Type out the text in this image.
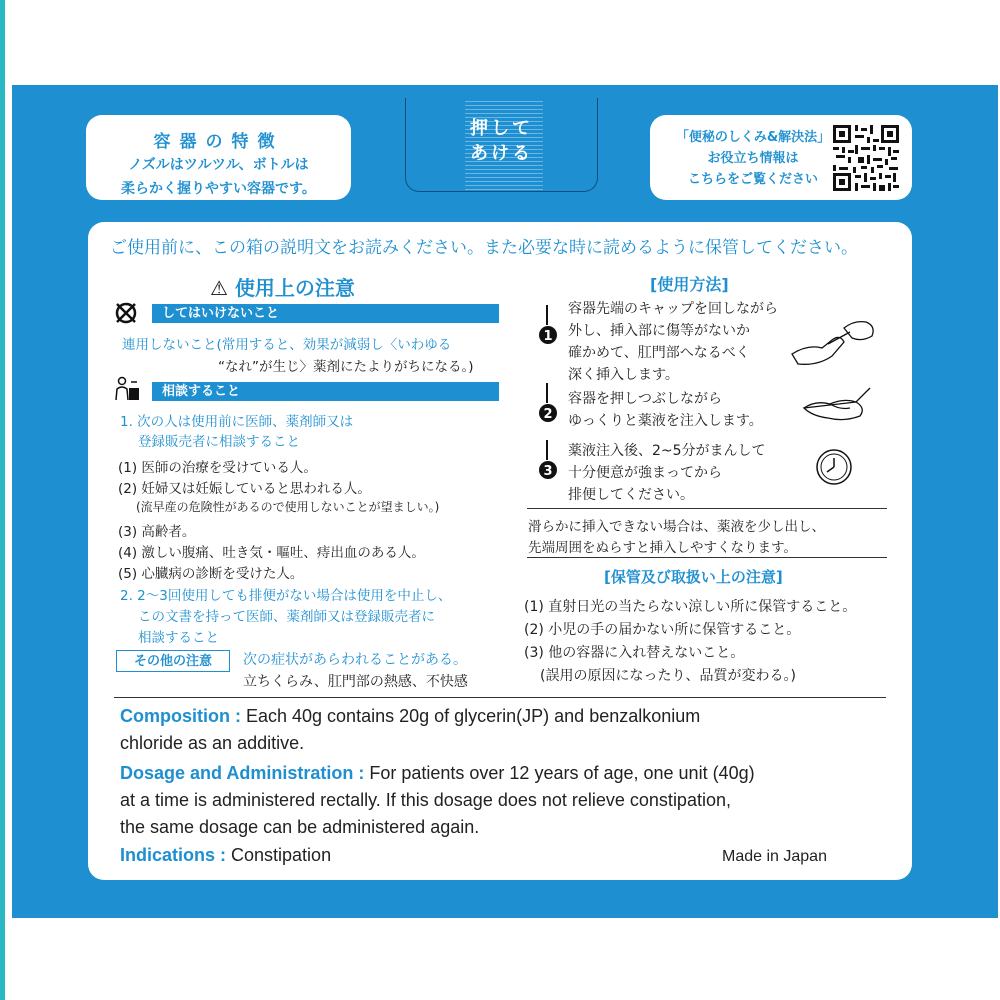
容器の特徴
ノズルはツルツル、ボトルは
柔らかく握りやすい容器です。
押して
あける
「便秘のしくみ&解決法」
お役立ち情報は
こちらをご覧ください
ご使用前に、この箱の説明文をお読みください。また必要な時に読めるように保管してください。
⚠ 使用上の注意
してはいけないこと
連用しないこと(常用すると、効果が減弱し〈いわゆる
“なれ”が生じ〉薬剤にたよりがちになる。)
相談すること
1. 次の人は使用前に医師、薬剤師又は
登録販売者に相談すること
(1) 医師の治療を受けている人。
(2) 妊婦又は妊娠していると思われる人。
(流早産の危険性があるので使用しないことが望ましい。)
(3) 高齢者。
(4) 激しい腹痛、吐き気・嘔吐、痔出血のある人。
(5) 心臓病の診断を受けた人。
2. 2〜3回使用しても排便がない場合は使用を中止し、
この文書を持って医師、薬剤師又は登録販売者に
相談すること
その他の注意	次の症状があらわれることがある。
立ちくらみ、肛門部の熱感、不快感
[使用方法]
1
容器先端のキャップを回しながら
外し、挿入部に傷等がないか
確かめて、肛門部へなるべく
深く挿入します。
2
容器を押しつぶしながら
ゆっくりと薬液を注入します。
3
薬液注入後、2~5分がまんして
十分便意が強まってから
排便してください。
滑らかに挿入できない場合は、薬液を少し出し、
先端周囲をぬらすと挿入しやすくなります。
[保管及び取扱い上の注意]
(1) 直射日光の当たらない涼しい所に保管すること。
(2) 小児の手の届かない所に保管すること。
(3) 他の容器に入れ替えないこと。
(誤用の原因になったり、品質が変わる。)
Composition : Each 40g contains 20g of glycerin(JP) and benzalkonium
chloride as an additive.
Dosage and Administration : For patients over 12 years of age, one unit (40g)
at a time is administered rectally. If this dosage does not relieve constipation,
the same dosage can be administered again.
Indications : Constipation	Made in Japan
